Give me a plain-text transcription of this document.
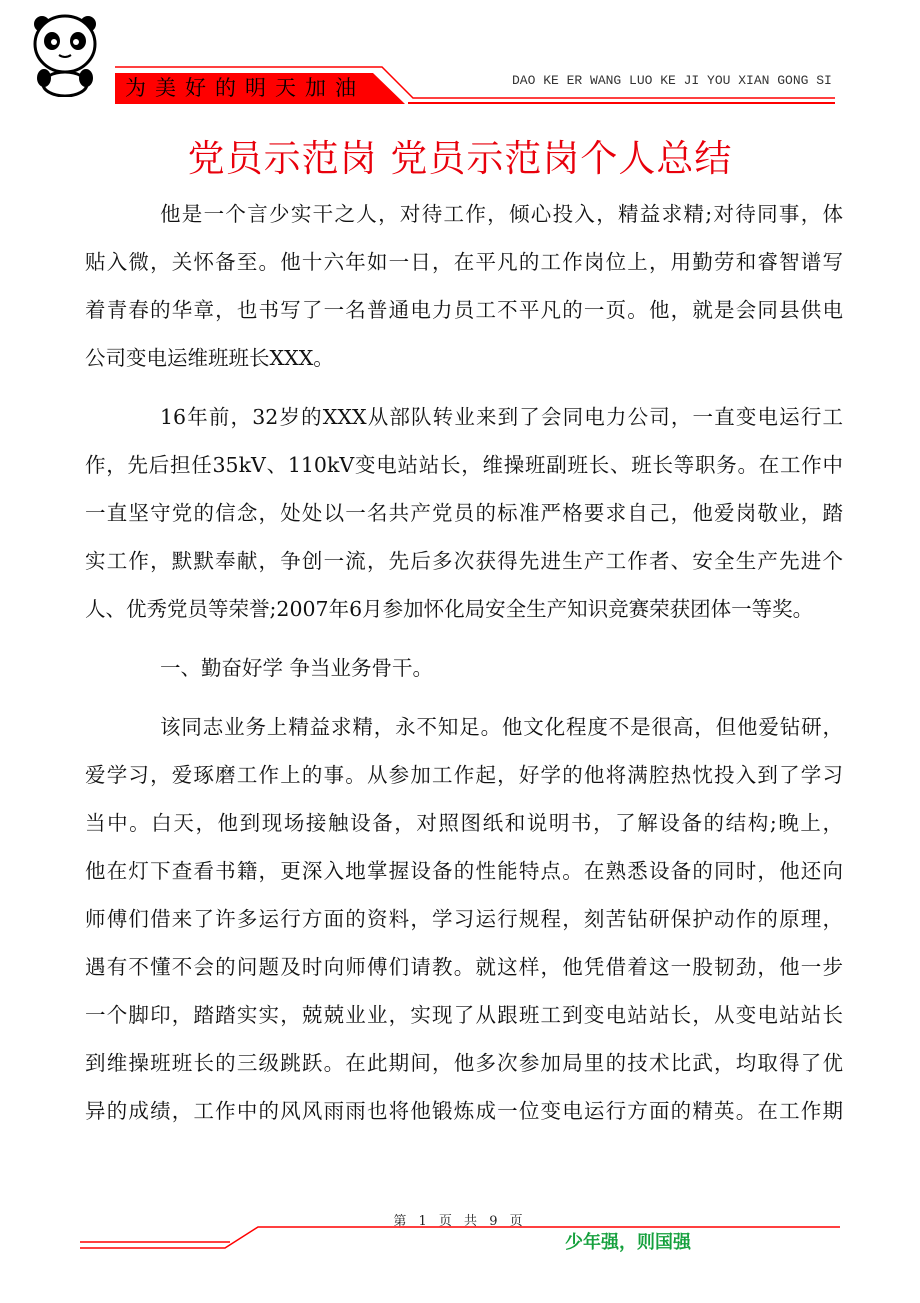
为美好的明天加油	DAO KE ER WANG LUO KE JI YOU XIAN GONG SI
党员示范岗 党员示范岗个人总结
他是一个言少实干之人，对待工作，倾心投入，精益求精;对待同事，体
贴入微，关怀备至。他十六年如一日，在平凡的工作岗位上，用勤劳和睿智谱写
着青春的华章，也书写了一名普通电力员工不平凡的一页。他，就是会同县供电
公司变电运维班班长XXX。
16年前，32岁的XXX从部队转业来到了会同电力公司，一直变电运行工
作，先后担任35kV、110kV变电站站长，维操班副班长、班长等职务。在工作中
一直坚守党的信念，处处以一名共产党员的标准严格要求自己，他爱岗敬业，踏
实工作，默默奉献，争创一流，先后多次获得先进生产工作者、安全生产先进个
人、优秀党员等荣誉;2007年6月参加怀化局安全生产知识竞赛荣获团体一等奖。
一、勤奋好学 争当业务骨干。
该同志业务上精益求精，永不知足。他文化程度不是很高，但他爱钻研，
爱学习，爱琢磨工作上的事。从参加工作起，好学的他将满腔热忱投入到了学习
当中。白天，他到现场接触设备，对照图纸和说明书，了解设备的结构;晚上，
他在灯下查看书籍，更深入地掌握设备的性能特点。在熟悉设备的同时，他还向
师傅们借来了许多运行方面的资料，学习运行规程，刻苦钻研保护动作的原理，
遇有不懂不会的问题及时向师傅们请教。就这样，他凭借着这一股韧劲，他一步
一个脚印，踏踏实实，兢兢业业，实现了从跟班工到变电站站长，从变电站站长
到维操班班长的三级跳跃。在此期间，他多次参加局里的技术比武，均取得了优
异的成绩，工作中的风风雨雨也将他锻炼成一位变电运行方面的精英。在工作期
第 1 页 共 9 页
少年强，则国强
